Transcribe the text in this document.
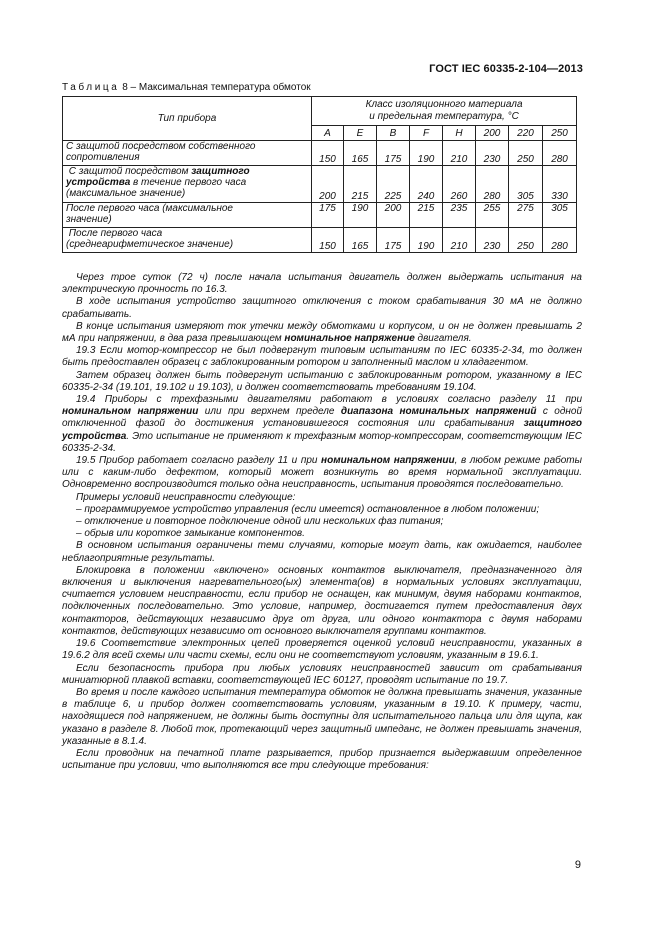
ГОСТ IEC 60335-2-104—2013
Таблица 8 – Максимальная температура обмоток
Тип прибора	Класс изоляционного материала
и предельная температура, °С							

	A	E	B	F	H	200	220	250

С защитой посредством собственного
сопротивления	150	165	175	190	210	230	250	280

С защитой посредством защитного
устройства в течение первого часа
(максимальное значение)	200	215	225	240	260	280	305	330

После первого часа (максимальное
значение)	175	190	200	215	235	255	275	305

После первого часа
(среднеарифметическое значение)	150	165	175	190	210	230	250	280

Через трое суток (72 ч) после начала испытания двигатель должен выдержать испытания на электрическую прочность по 16.3.

В ходе испытания устройство защитного отключения с током срабатывания 30 мА не должно срабатывать.

В конце испытания измеряют ток утечки между обмотками и корпусом, и он не должен превышать 2 мА при напряжении, в два раза превышающем номинальное напряжение двигателя.

19.3 Если мотор-компрессор не был подвергнут типовым испытаниям по IEC 60335-2-34, то должен быть предоставлен образец с заблокированным ротором и заполненный маслом и хладагентом.

Затем образец должен быть подвергнут испытанию с заблокированным ротором, указанному в IEC 60335-2-34 (19.101, 19.102 и 19.103), и должен соответствовать требованиям 19.104.

19.4 Приборы с трехфазными двигателями работают в условиях согласно разделу 11 при номинальном напряжении или при верхнем пределе диапазона номинальных напряжений с одной отключенной фазой до достижения установившегося состояния или срабатывания защитного устройства. Это испытание не применяют к трехфазным мотор-компрессорам, соответствующим IEC 60335-2-34.

19.5 Прибор работает согласно разделу 11 и при номинальном напряжении, в любом режиме работы или с каким-либо дефектом, который может возникнуть во время нормальной эксплуатации. Одновременно воспроизводится только одна неисправность, испытания проводятся последовательно.

Примеры условий неисправности следующие:

– программируемое устройство управления (если имеется) остановленное в любом положении;

– отключение и повторное подключение одной или нескольких фаз питания;

– обрыв или короткое замыкание компонентов.

В основном испытания ограничены теми случаями, которые могут дать, как ожидается, наиболее неблагоприятные результаты.

Блокировка в положении «включено» основных контактов выключателя, предназначенного для включения и выключения нагревательного(ых) элемента(ов) в нормальных условиях эксплуатации, считается условием неисправности, если прибор не оснащен, как минимум, двумя наборами контактов, подключенных последовательно. Это условие, например, достигается путем предоставления двух контакторов, действующих независимо друг от друга, или одного контактора с двумя наборами контактов, действующих независимо от основного выключателя группами контактов.

19.6 Соответствие электронных цепей проверяется оценкой условий неисправности, указанных в 19.6.2 для всей схемы или части схемы, если они не соответствуют условиям, указанным в 19.6.1.

Если безопасность прибора при любых условиях неисправностей зависит от срабатывания миниатюрной плавкой вставки, соответствующей IEC 60127, проводят испытание по 19.7.

Во время и после каждого испытания температура обмоток не должна превышать значения, указанные в таблице 6, и прибор должен соответствовать условиям, указанным в 19.10. К примеру, части, находящиеся под напряжением, не должны быть доступны для испытательного пальца или для щупа, как указано в разделе 8. Любой ток, протекающий через защитный импеданс, не должен превышать значения, указанные в 8.1.4.

Если проводник на печатной плате разрывается, прибор признается выдержавшим определенное испытание при условии, что выполняются все три следующие требования:

9
